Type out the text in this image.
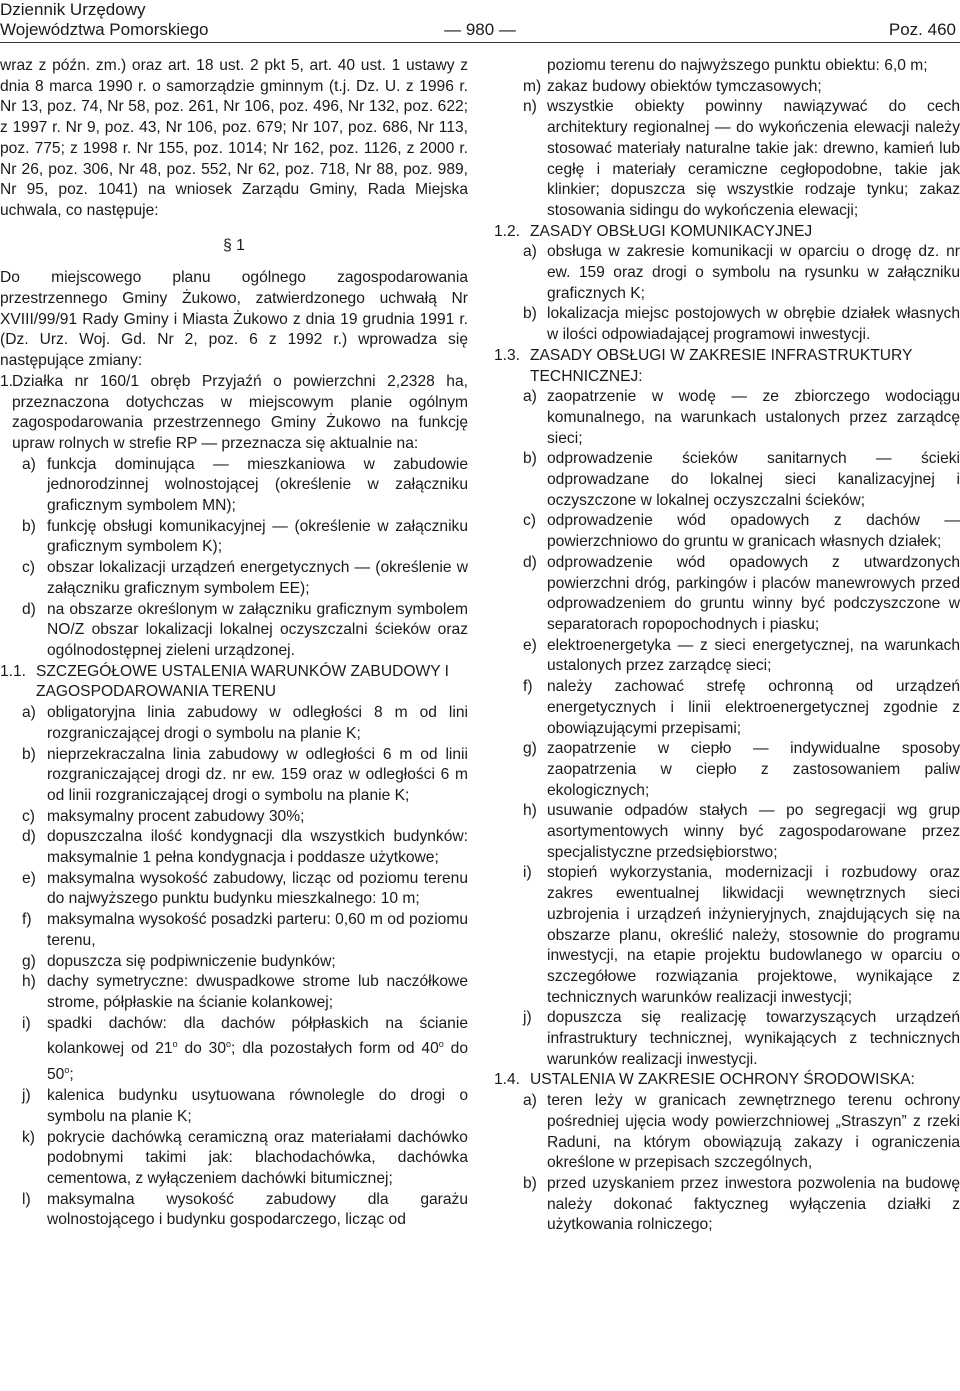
Dziennik Urzędowy
Województwa Pomorskiego	— 980 —	Poz. 460

wraz z późn. zm.) oraz art. 18 ust. 2 pkt 5, art. 40 ust. 1 ustawy z dnia 8 marca 1990 r. o samorządzie gminnym (t.j. Dz. U. z 1996 r. Nr 13, poz. 74, Nr 58, poz. 261, Nr 106, poz. 496, Nr 132, poz. 622; z 1997 r. Nr 9, poz. 43, Nr 106, poz. 679; Nr 107, poz. 686, Nr 113, poz. 775; z 1998 r. Nr 155, poz. 1014; Nr 162, poz. 1126, z 2000 r. Nr 26, poz. 306, Nr 48, poz. 552, Nr 62, poz. 718, Nr 88, poz. 989, Nr 95, poz. 1041) na wniosek Zarządu Gminy, Rada Miejska uchwala, co następuje:

§ 1

Do miejscowego planu ogólnego zagospodarowania przestrzennego Gminy Żukowo, zatwierdzonego uchwałą Nr XVIII/99/91 Rady Gminy i Miasta Żukowo z dnia 19 grudnia 1991 r. (Dz. Urz. Woj. Gd. Nr 2, poz. 6 z 1992 r.) wprowadza się następujące zmiany:

1.
Działka nr 160/1 obręb Przyjaźń o powierzchni 2,2328 ha, przeznaczona dotychczas w miejscowym planie ogólnym zagospodarowania przestrzennego Gminy Żukowo na funkcję upraw rolnych w strefie RP — przeznacza się aktualnie na:
a) funkcja dominująca — mieszkaniowa w zabudowie jednorodzinnej wolnostojącej (określenie w załączniku graficznym symbolem MN);
b) funkcję obsługi komunikacyjnej — (określenie w załączniku graficznym symbolem K);
c) obszar lokalizacji urządzeń energetycznych — (określenie w załączniku graficznym symbolem EE);
d) na obszarze określonym w załączniku graficznym symbolem NO/Z obszar lokalizacji lokalnej oczyszczalni ścieków oraz ogólnodostępnej zieleni urządzonej.
1.1. SZCZEGÓŁOWE USTALENIA WARUNKÓW ZABUDOWY I ZAGOSPODAROWANIA TERENU
a) obligatoryjna linia zabudowy w odległości 8 m od lini rozgraniczającej drogi o symbolu na planie K;
b) nieprzekraczalna linia zabudowy w odległości 6 m od linii rozgraniczającej drogi dz. nr ew. 159 oraz w odległości 6 m od linii rozgraniczającej drogi o symbolu na planie K;
c) maksymalny procent zabudowy 30%;
d) dopuszczalna ilość kondygnacji dla wszystkich budynków: maksymalnie 1 pełna kondygnacja i poddasze użytkowe;
e) maksymalna wysokość zabudowy, licząc od poziomu terenu do najwyższego punktu budynku mieszkalnego: 10 m;
f) maksymalna wysokość posadzki parteru: 0,60 m od poziomu terenu,
g) dopuszcza się podpiwniczenie budynków;
h) dachy symetryczne: dwuspadkowe strome lub naczółkowe strome, półpłaskie na ścianie kolankowej;
i)	spadki dachów: dla dachów półpłaskich na ścianie kolankowej od 21$^o$ do 30$^o$; dla pozostałych form od 40$^o$ do 50$^o$;
j)	kalenica budynku usytuowana równolegle do drogi o symbolu na planie K;
k) pokrycie dachówką ceramiczną oraz materiałami dachówko podobnymi takimi jak: blachodachówka, dachówka cementowa, z wyłączeniem dachówki bitumicznej;
l)	maksymalna wysokość zabudowy dla garażu wolnostojącego i budynku gospodarczego, licząc od
poziomu terenu do najwyższego punktu obiektu: 6,0 m;
m) zakaz budowy obiektów tymczasowych;
n) wszystkie obiekty powinny nawiązywać do cech architektury regionalnej — do wykończenia elewacji należy stosować materiały naturalne takie jak: drewno, kamień lub cegłę i materiały ceramiczne cegłopodobne, takie jak klinkier; dopuszcza się wszystkie rodzaje tynku; zakaz stosowania sidingu do wykończenia elewacji;
1.2. ZASADY OBSŁUGI KOMUNIKACYJNEJ
a) obsługa w zakresie komunikacji w oparciu o drogę dz. nr ew. 159 oraz drogi o symbolu na rysunku w załączniku graficznych K;
b) lokalizacja miejsc postojowych w obrębie działek własnych w ilości odpowiadającej programowi inwestycji.
1.3. ZASADY OBSŁUGI W ZAKRESIE INFRASTRUKTURY TECHNICZNEJ:
a) zaopatrzenie w wodę — ze zbiorczego wodociągu komunalnego, na warunkach ustalonych przez zarządcę sieci;
b) odprowadzenie ścieków sanitarnych — ścieki odprowadzane do lokalnej sieci kanalizacyjnej i oczyszczone w lokalnej oczyszczalni ścieków;
c) odprowadzenie wód opadowych z dachów — powierzchniowo do gruntu w granicach własnych działek;
d) odprowadzenie wód opadowych z utwardzonych powierzchni dróg, parkingów i placów manewrowych przed odprowadzeniem do gruntu winny być podczyszczone w separatorach ropopochodnych i piasku;
e) elektroenergetyka — z sieci energetycznej, na warunkach ustalonych przez zarządcę sieci;
f) należy zachować strefę ochronną od urządzeń energetycznych i linii elektroenergetycznej zgodnie z obowiązującymi przepisami;
g) zaopatrzenie w ciepło — indywidualne sposoby zaopatrzenia w ciepło z zastosowaniem paliw ekologicznych;
h) usuwanie odpadów stałych — po segregacji wg grup asortymentowych winny być zagospodarowane przez specjalistyczne przedsiębiorstwo;
i) stopień wykorzystania, modernizacji i rozbudowy oraz zakres ewentualnej likwidacji wewnętrznych sieci uzbrojenia i urządzeń inżynieryjnych, znajdujących się na obszarze planu, określić należy, stosownie do programu inwestycji, na etapie projektu budowlanego w oparciu o szczegółowe rozwiązania projektowe, wynikające z technicznych warunków realizacji inwestycji;
j) dopuszcza się realizację towarzyszących urządzeń infrastruktury technicznej, wynikających z technicznych warunków realizacji inwestycji.
1.4. USTALENIA W ZAKRESIE OCHRONY ŚRODOWISKA:
a) teren leży w granicach zewnętrznego terenu ochrony pośredniej ujęcia wody powierzchniowej „Straszyn” z rzeki Raduni, na którym obowiązują zakazy i ograniczenia określone w przepisach szczególnych,
b) przed uzyskaniem przez inwestora pozwolenia na budowę należy dokonać faktyczneg wyłączenia działki z użytkowania rolniczego;
